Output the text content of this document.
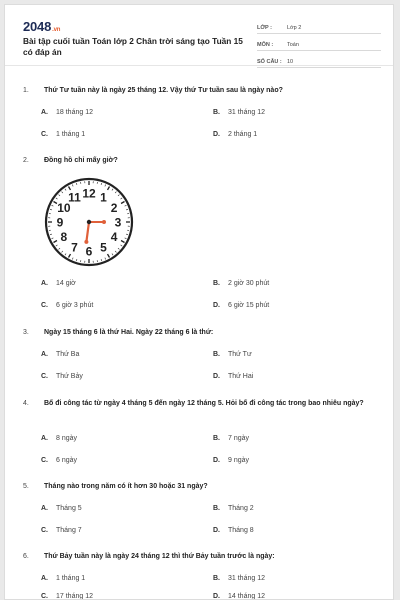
2048.vn
Bài tập cuối tuần Toán lớp 2 Chân trời sáng tạo Tuần 15 có đáp án
LỚP :	Lớp 2
MÔN :	Toán
SỐ CÂU : 10
1. Thứ Tư tuần này là ngày 25 tháng 12. Vậy thứ Tư tuần sau là ngày nào?
A. 18 tháng 12	B. 31 tháng 12
C. 1 tháng 1	D. 2 tháng 1
2. Đồng hồ chỉ mấy giờ?
A. 14 giờ	B. 2 giờ 30 phút
C. 6 giờ 3 phút	D. 6 giờ 15 phút
12 1
2
3
4
5
6
7
8
9
10
11
3. Ngày 15 tháng 6 là thứ Hai. Ngày 22 tháng 6 là thứ:
A. Thứ Ba	B. Thứ Tư
C. Thứ Bảy	D. Thứ Hai
4. Bố đi công tác từ ngày 4 tháng 5 đến ngày 12 tháng 5. Hỏi bố đi công tác trong bao nhiêu ngày?
A. 8 ngày	B. 7 ngày
C. 6 ngày	D. 9 ngày
5. Tháng nào trong năm có ít hơn 30 hoặc 31 ngày?
A. Tháng 5	B. Tháng 2
C. Tháng 7	D. Tháng 8
6. Thứ Bảy tuần này là ngày 24 tháng 12 thì thứ Bảy tuần trước là ngày:
A. 1 tháng 1	B. 31 tháng 12
C. 17 tháng 12	D. 14 tháng 12
